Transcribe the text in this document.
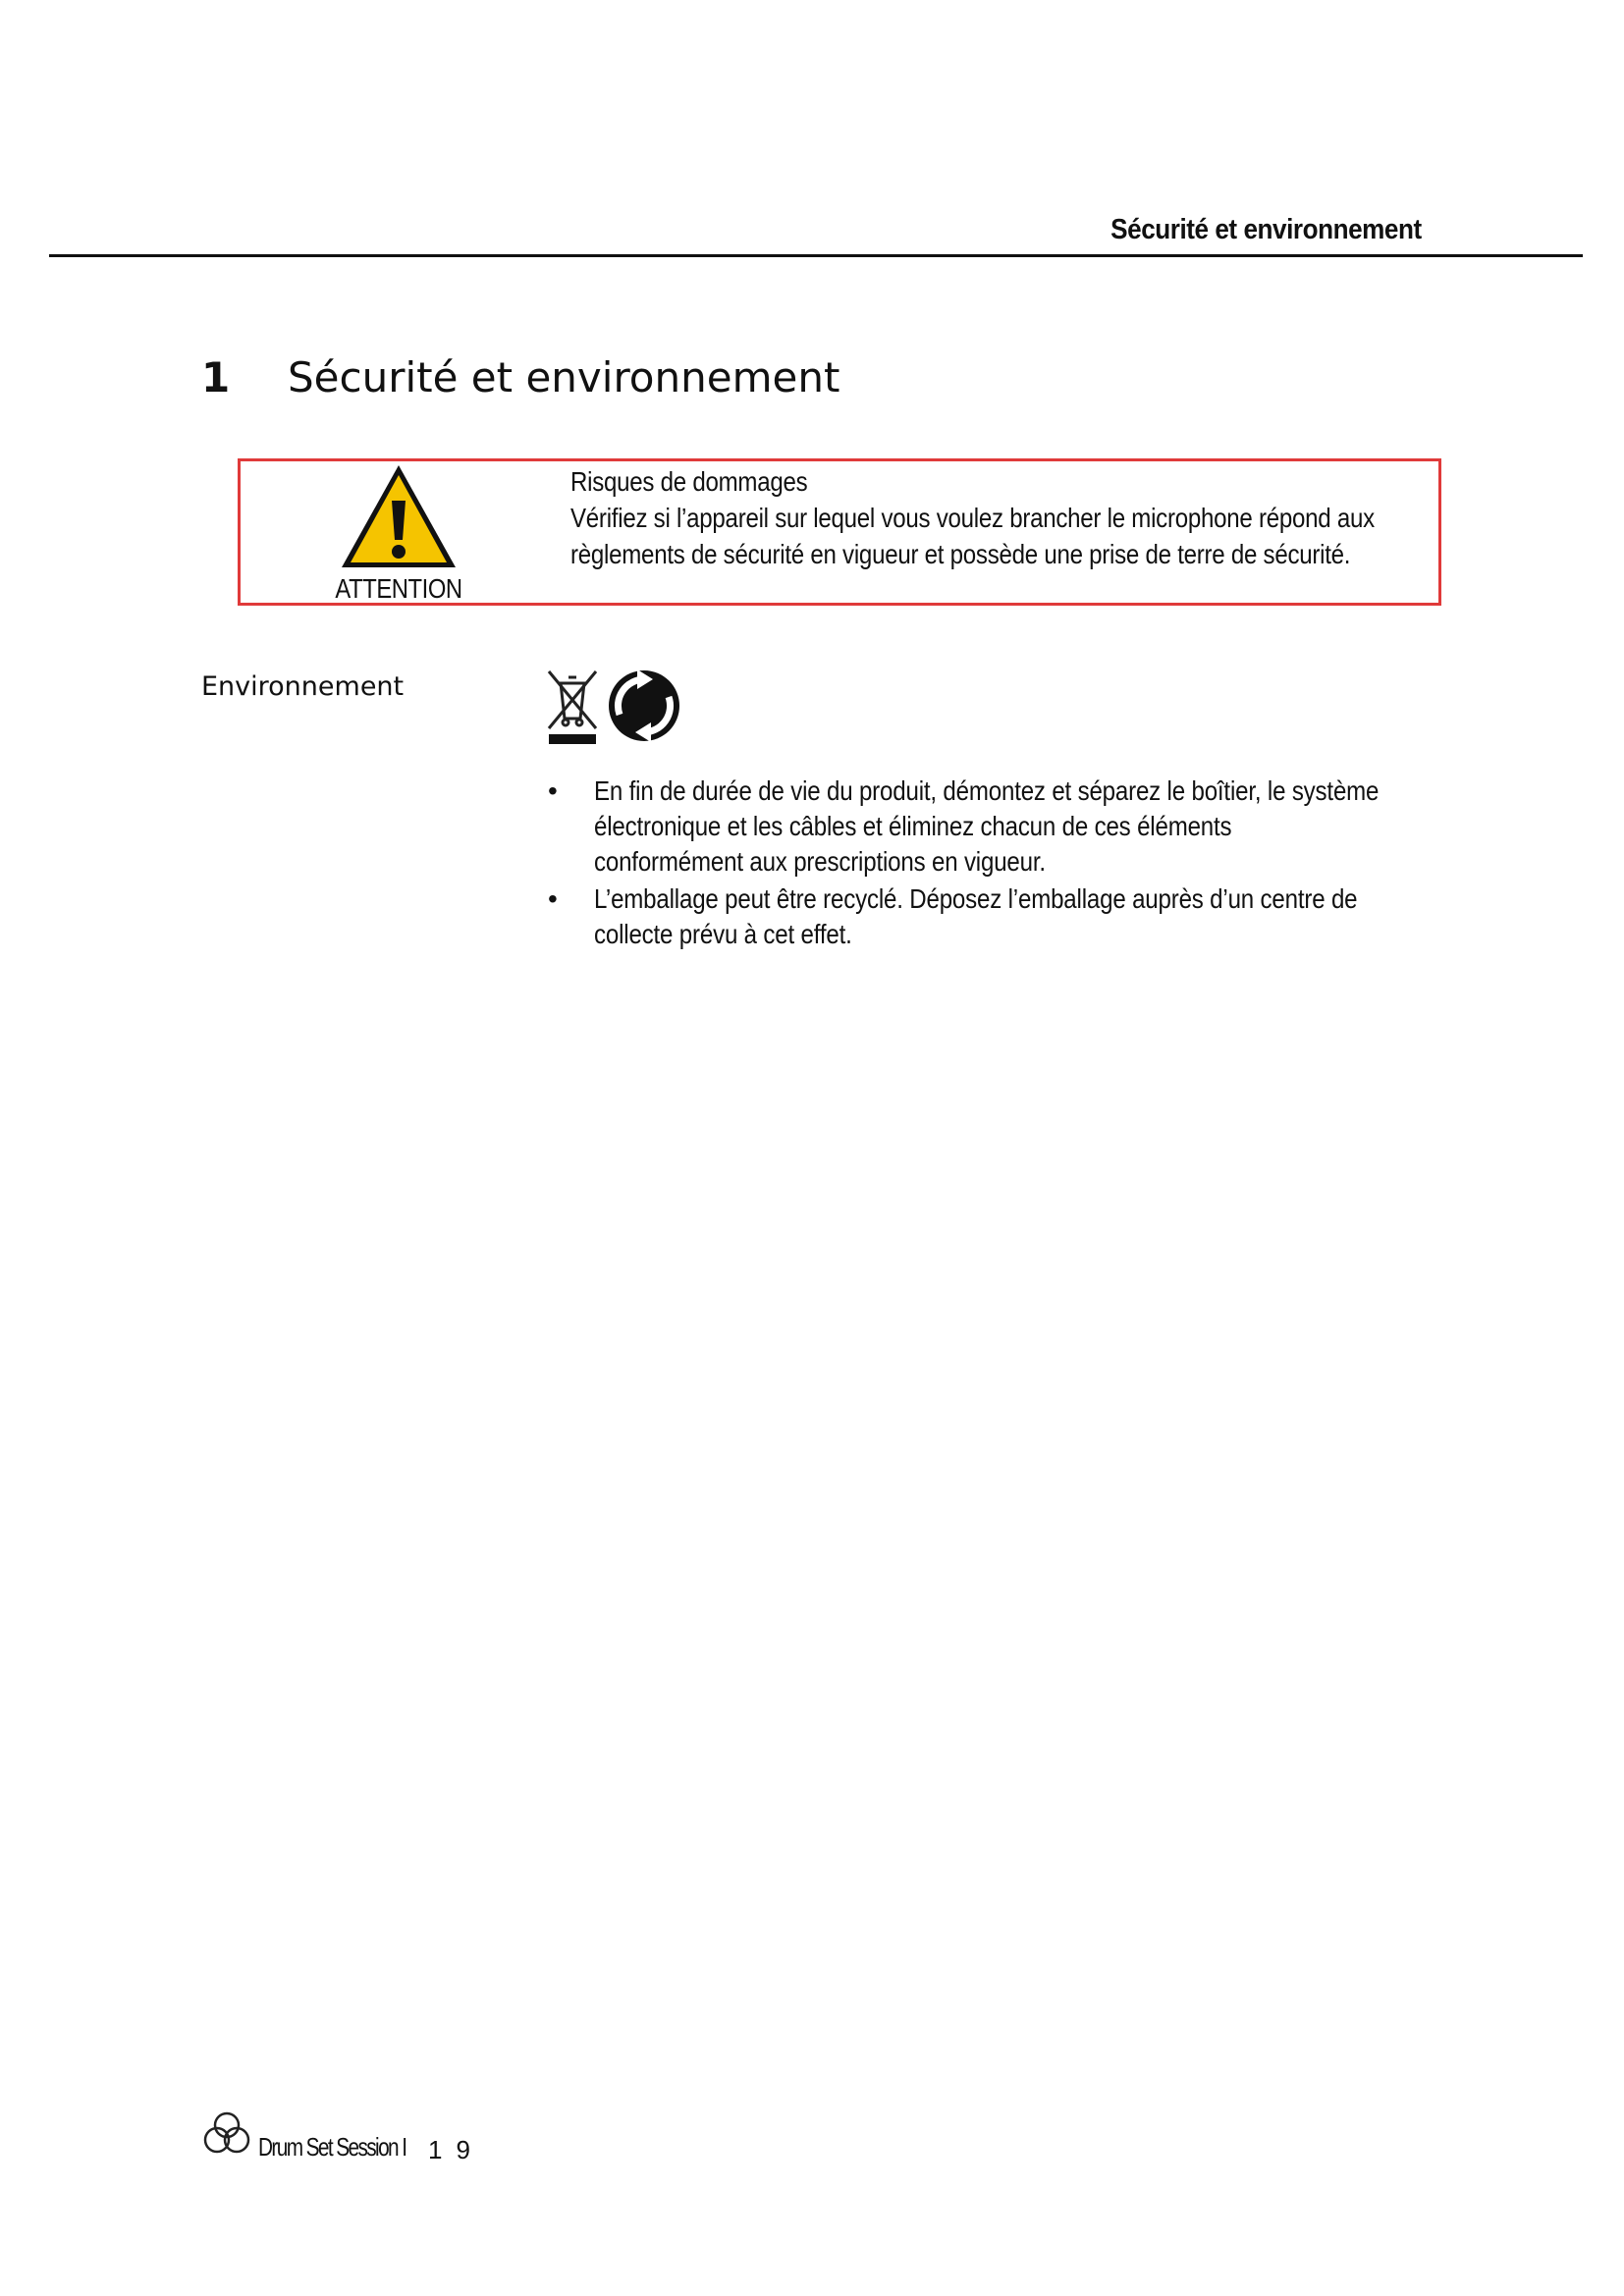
Sécurité et environnement
1	Sécurité et environnement
ATTENTION
Risques de dommages
Vérifiez si l’appareil sur lequel vous voulez brancher le microphone répond aux
règlements de sécurité en vigueur et possède une prise de terre de sécurité.
Environnement
• En fin de durée de vie du produit, démontez et séparez le boîtier, le système
électronique et les câbles et éliminez chacun de ces éléments
conformément aux prescriptions en vigueur.
• L’emballage peut être recyclé. Déposez l’emballage auprès d’un centre de
collecte prévu à cet effet.
Drum Set Session I 19
